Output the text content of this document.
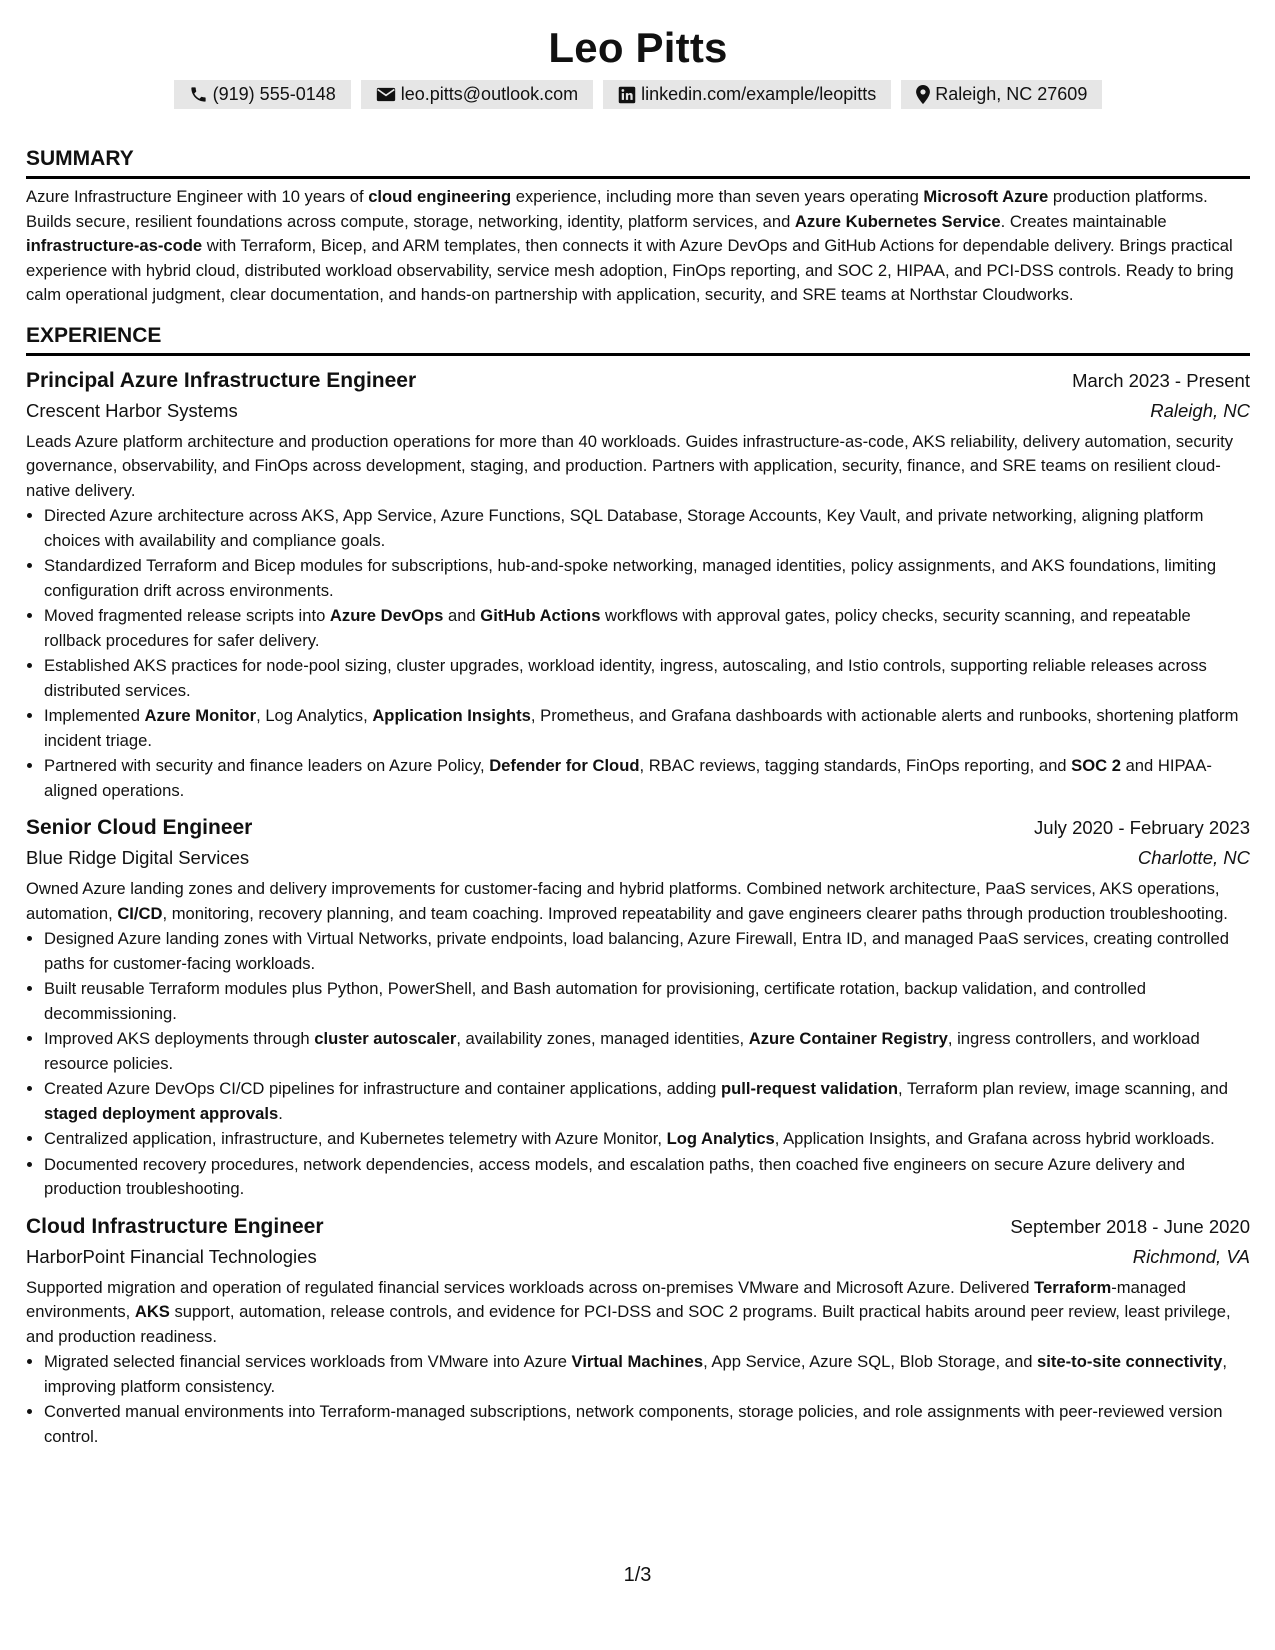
Leo Pitts
(919) 555-0148	leo.pitts@outlook.com	linkedin.com/example/leopitts	Raleigh, NC 27609
SUMMARY

Azure Infrastructure Engineer with 10 years of cloud engineering experience, including more than seven years operating Microsoft Azure production platforms. Builds secure, resilient foundations across compute, storage, networking, identity, platform services, and Azure Kubernetes Service. Creates maintainable infrastructure-as-code with Terraform, Bicep, and ARM templates, then connects it with Azure DevOps and GitHub Actions for dependable delivery. Brings practical experience with hybrid cloud, distributed workload observability, service mesh adoption, FinOps reporting, and SOC 2, HIPAA, and PCI-DSS controls. Ready to bring calm operational judgment, clear documentation, and hands-on partnership with application, security, and SRE teams at Northstar Cloudworks.

EXPERIENCE
Principal Azure Infrastructure Engineer	March 2023 - Present
Crescent Harbor Systems	Raleigh, NC

Leads Azure platform architecture and production operations for more than 40 workloads. Guides infrastructure-as-code, AKS reliability, delivery automation, security governance, observability, and FinOps across development, staging, and production. Partners with application, security, finance, and SRE teams on resilient cloud-native delivery.

• Directed Azure architecture across AKS, App Service, Azure Functions, SQL Database, Storage Accounts, Key Vault, and private networking, aligning platform choices with availability and compliance goals.
• Standardized Terraform and Bicep modules for subscriptions, hub-and-spoke networking, managed identities, policy assignments, and AKS foundations, limiting configuration drift across environments.
• Moved fragmented release scripts into Azure DevOps and GitHub Actions workflows with approval gates, policy checks, security scanning, and repeatable rollback procedures for safer delivery.
• Established AKS practices for node-pool sizing, cluster upgrades, workload identity, ingress, autoscaling, and Istio controls, supporting reliable releases across distributed services.
• Implemented Azure Monitor, Log Analytics, Application Insights, Prometheus, and Grafana dashboards with actionable alerts and runbooks, shortening platform incident triage.
• Partnered with security and finance leaders on Azure Policy, Defender for Cloud, RBAC reviews, tagging standards, FinOps reporting, and SOC 2 and HIPAA-aligned operations.
Senior Cloud Engineer	July 2020 - February 2023
Blue Ridge Digital Services	Charlotte, NC

Owned Azure landing zones and delivery improvements for customer-facing and hybrid platforms. Combined network architecture, PaaS services, AKS operations, automation, CI/CD, monitoring, recovery planning, and team coaching. Improved repeatability and gave engineers clearer paths through production troubleshooting.

• Designed Azure landing zones with Virtual Networks, private endpoints, load balancing, Azure Firewall, Entra ID, and managed PaaS services, creating controlled paths for customer-facing workloads.
• Built reusable Terraform modules plus Python, PowerShell, and Bash automation for provisioning, certificate rotation, backup validation, and controlled decommissioning.
• Improved AKS deployments through cluster autoscaler, availability zones, managed identities, Azure Container Registry, ingress controllers, and workload resource policies.
• Created Azure DevOps CI/CD pipelines for infrastructure and container applications, adding pull-request validation, Terraform plan review, image scanning, and staged deployment approvals.
• Centralized application, infrastructure, and Kubernetes telemetry with Azure Monitor, Log Analytics, Application Insights, and Grafana across hybrid workloads.
• Documented recovery procedures, network dependencies, access models, and escalation paths, then coached five engineers on secure Azure delivery and production troubleshooting.
Cloud Infrastructure Engineer	September 2018 - June 2020
HarborPoint Financial Technologies	Richmond, VA

Supported migration and operation of regulated financial services workloads across on-premises VMware and Microsoft Azure. Delivered Terraform-managed environments, AKS support, automation, release controls, and evidence for PCI-DSS and SOC 2 programs. Built practical habits around peer review, least privilege, and production readiness.

• Migrated selected financial services workloads from VMware into Azure Virtual Machines, App Service, Azure SQL, Blob Storage, and site-to-site connectivity, improving platform consistency.
• Converted manual environments into Terraform-managed subscriptions, network components, storage policies, and role assignments with peer-reviewed version control.
1/3
